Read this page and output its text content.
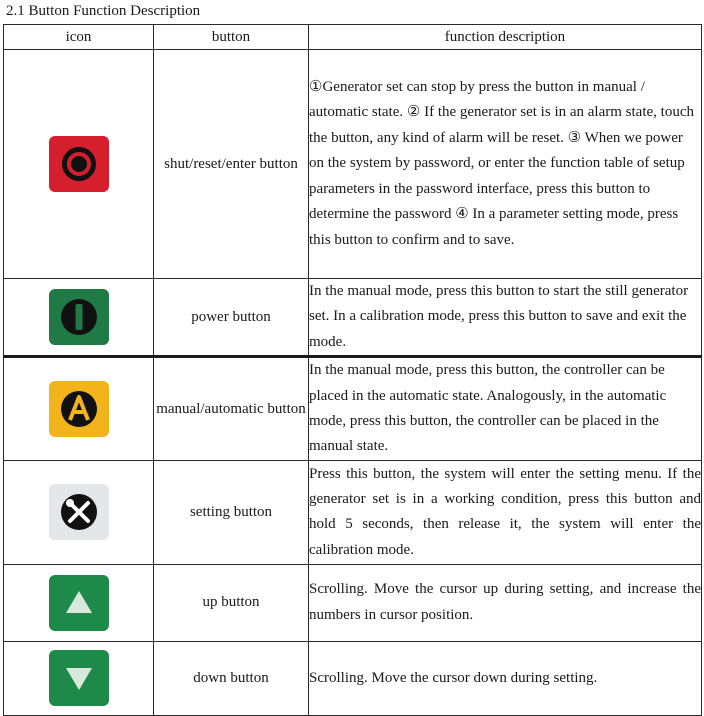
2.1 Button Function Description
icon	button	function description

	shut/reset/enter button	①Generator set can stop by press the button in manual / automatic state. ② If the generator set is in an alarm state, touch the button, any kind of alarm will be reset. ③ When we power on the system by password, or enter the function table of setup parameters in the password interface, press this button to determine the password ④ In a parameter setting mode, press this button to confirm and to save.

	power button	In the manual mode, press this button to start the still generator set. In a calibration mode, press this button to save and exit the mode.

	manual/automatic button	In the manual mode, press this button, the controller can be placed in the automatic state. Analogously, in the automatic mode, press this button, the controller can be placed in the manual state.

	setting button	Press this button, the system will enter the setting menu. If the generator set is in a working condition, press this button and hold 5 seconds, then release it, the system will enter the calibration mode.

	up button	Scrolling. Move the cursor up during setting, and increase the numbers in cursor position.

	down button	Scrolling. Move the cursor down during setting.
